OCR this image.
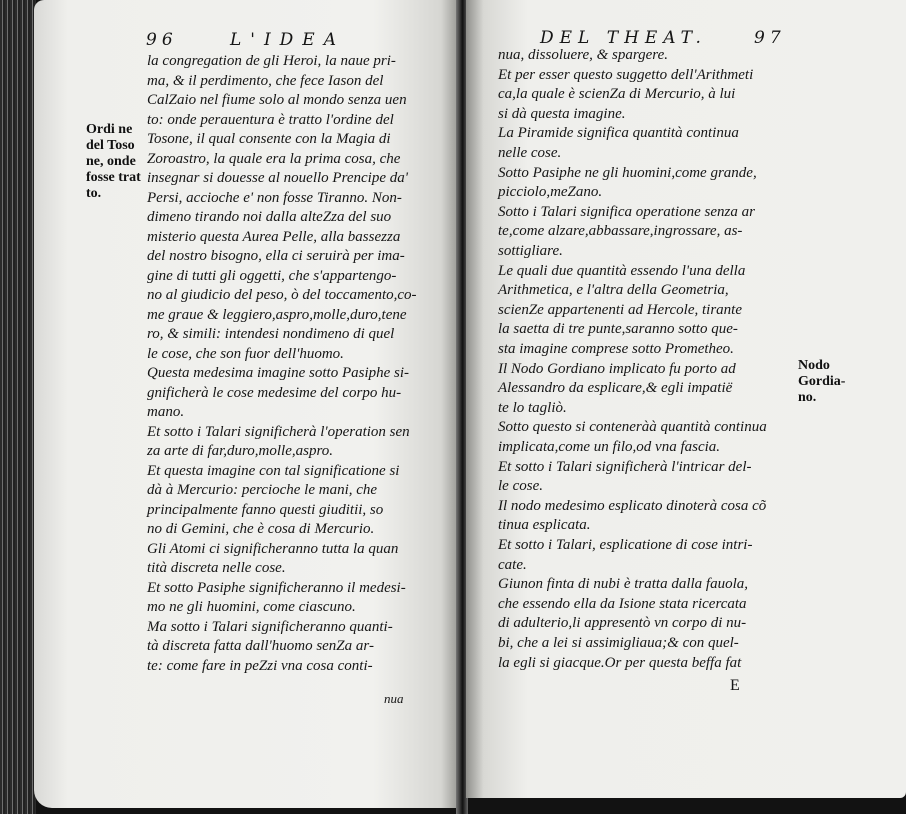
96	L'IDEA
Ordi ne
del Toso
ne, onde
fosse trat
to.
la congregation de gli Heroi, la naue pri-
ma, & il perdimento, che fece Iason del
CalZaio nel fiume solo al mondo senza uen
to: onde perauentura è tratto l'ordine del
Tosone, il qual consente con la Magia di
Zoroastro, la quale era la prima cosa, che
insegnar si douesse al nouello Prencipe da'
Persi, accioche e' non fosse Tiranno. Non-
dimeno tirando noi dalla alteZza del suo
misterio questa Aurea Pelle, alla bassezza
del nostro bisogno, ella ci seruirà per ima-
gine di tutti gli oggetti, che s'appartengo-
no al giudicio del peso, ò del toccamento,co-
me graue & leggiero,aspro,molle,duro,tene
ro, & simili: intendesi nondimeno di quel
le cose, che son fuor dell'huomo.
Questa medesima imagine sotto Pasiphe si-
gnificherà le cose medesime del corpo hu-
mano.
Et sotto i Talari significherà l'operation sen
za arte di far,duro,molle,aspro.
Et questa imagine con tal significatione si
dà à Mercurio: percioche le mani, che
principalmente fanno questi giuditii, so
no di Gemini, che è cosa di Mercurio.
Gli Atomi ci significheranno tutta la quan
tità discreta nelle cose.
Et sotto Pasiphe significheranno il medesi-
mo ne gli huomini, come ciascuno.
Ma sotto i Talari significheranno quanti-
tà discreta fatta dall'huomo senZa ar-
te: come fare in peZzi vna cosa conti-
nua
DEL THEAT.	97
Nodo
Gordia-
no.
nua, dissoluere, & spargere.
Et per esser questo suggetto dell'Arithmeti
ca,la quale è scienZa di Mercurio, à lui
si dà questa imagine.
La Piramide significa quantità continua
nelle cose.
Sotto Pasiphe ne gli huomini,come grande,
picciolo,meZano.
Sotto i Talari significa operatione senza ar
te,come alzare,abbassare,ingrossare, as-
sottigliare.
Le quali due quantità essendo l'una della
Arithmetica, e l'altra della Geometria,
scienZe appartenenti ad Hercole, tirante
la saetta di tre punte,saranno sotto que-
sta imagine comprese sotto Prometheo.
Il Nodo Gordiano implicato fu porto ad
Alessandro da esplicare,& egli impatië
te lo tagliò.
Sotto questo si conteneràà quantità continua
implicata,come un filo,od vna fascia.
Et sotto i Talari significherà l'intricar del-
le cose.
Il nodo medesimo esplicato dinoterà cosa cõ
tinua esplicata.
Et sotto i Talari, esplicatione di cose intri-
cate.
Giunon finta di nubi è tratta dalla fauola,
che essendo ella da Isione stata ricercata
di adulterio,li appresentò vn corpo di nu-
bi, che a lei si assimigliaua;& con quel-
la egli si giacque.Or per questa beffa fat
E
